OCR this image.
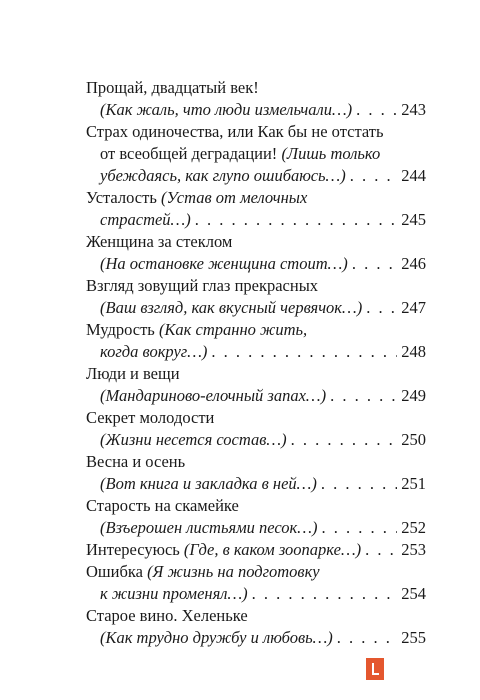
Прощай, двадцатый век!
(Как жаль, что люди измельчали…) . . .	243
Страх одиночества, или Как бы не отстать
от всеобщей деградации! (Лишь только
убеждаясь, как глупо ошибаюсь…) . . .	244
Усталость (Устав от мелочных
страстей…) . . .	245
Женщина за стеклом
(На остановке женщина стоит…) . . .	246
Взгляд зовущий глаз прекрасных
(Ваш взгляд, как вкусный червячок…) . . . 247
Мудрость (Как странно жить,
когда вокруг…) . . .	248
Люди и вещи
(Мандариново-елочный запах…) . . .	249
Секрет молодости
(Жизни несется состав…) . . .	250
Весна и осень
(Вот книга и закладка в ней…) . . .	251
Старость на скамейке
(Взъерошен листьями песок…) . . .	252
Интересуюсь (Где, в каком зоопарке…) . . . 253
Ошибка (Я жизнь на подготовку
к жизни променял…) . . .	254
Старое вино. Хеленьке
(Как трудно дружбу и любовь…) . . .	255
